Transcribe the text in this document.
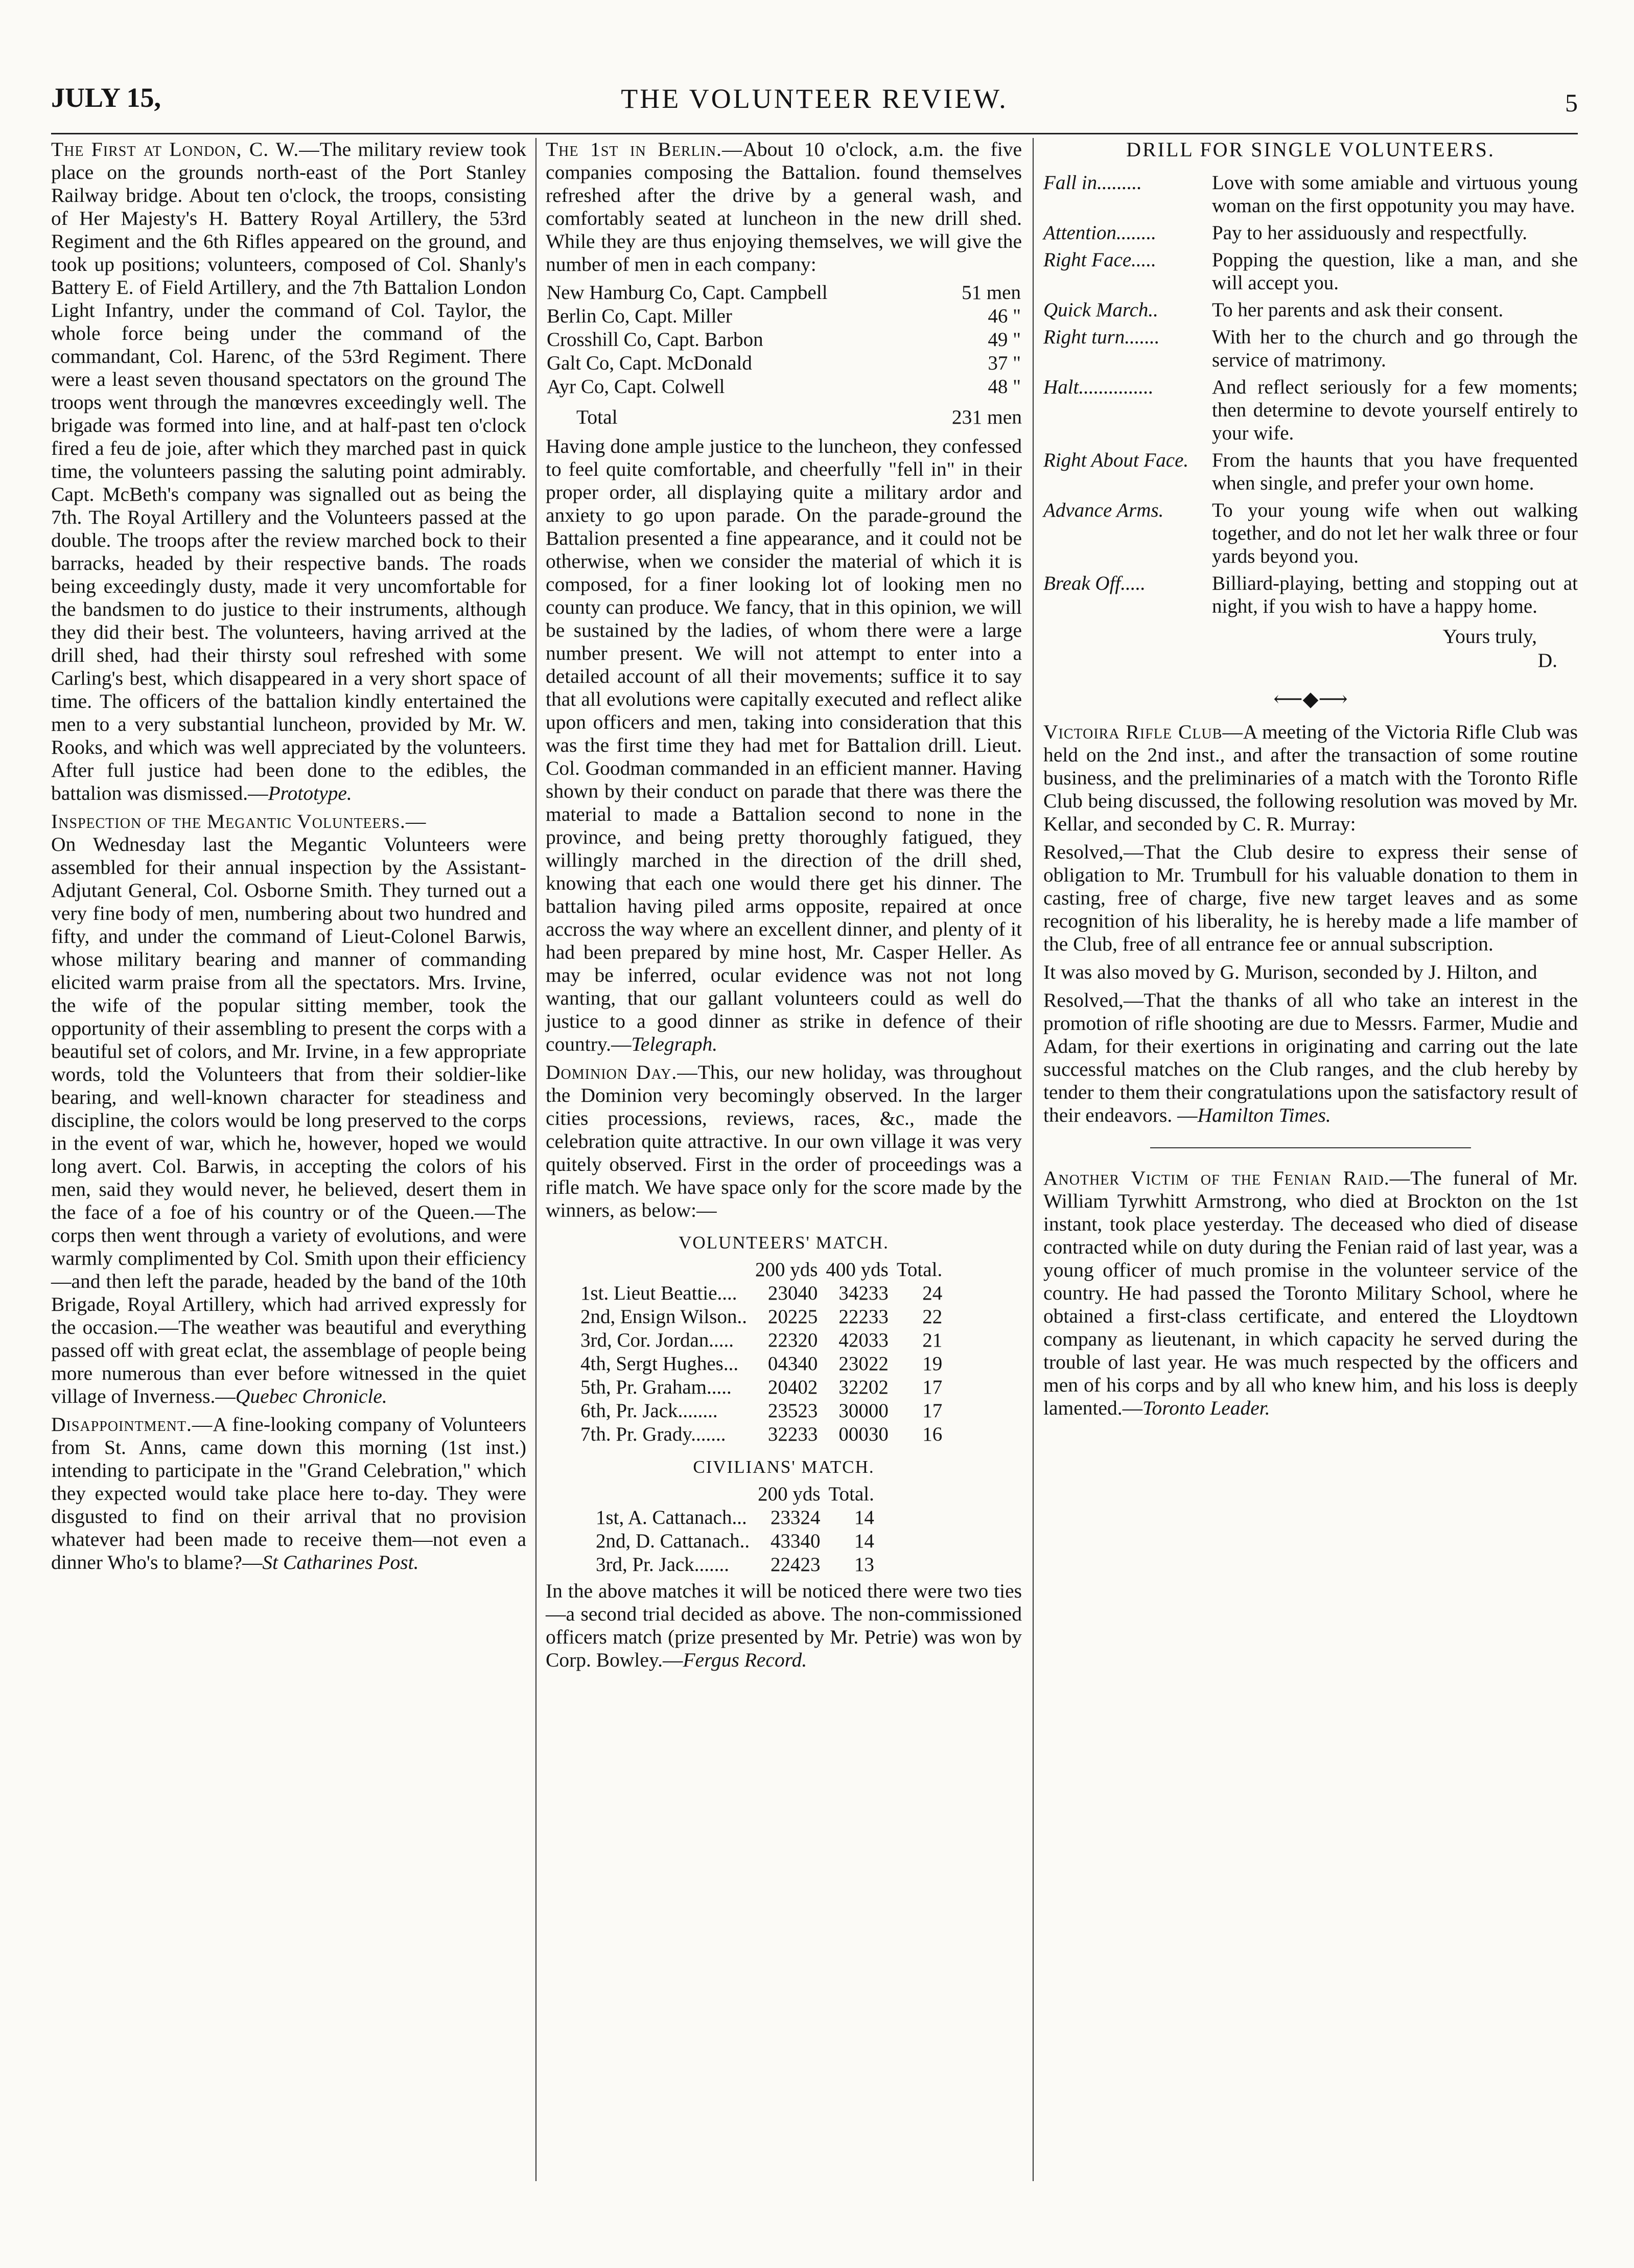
JULY 15,	THE VOLUNTEER REVIEW.	5

The First at London, C. W.—The military review took place on the grounds north-east of the Port Stanley Railway bridge. About ten o'clock, the troops, consisting of Her Majesty's H. Battery Royal Artillery, the 53rd Regiment and the 6th Rifles appeared on the ground, and took up positions; volunteers, composed of Col. Shanly's Battery E. of Field Artillery, and the 7th Battalion London Light Infantry, under the command of Col. Taylor, the whole force being under the command of the commandant, Col. Harenc, of the 53rd Regiment. There were a least seven thousand spectators on the ground The troops went through the manœvres exceedingly well. The brigade was formed into line, and at half-past ten o'clock fired a feu de joie, after which they marched past in quick time, the volunteers passing the saluting point admirably. Capt. McBeth's company was signalled out as being the 7th. The Royal Artillery and the Volunteers passed at the double. The troops after the review marched bock to their barracks, headed by their respective bands. The roads being exceedingly dusty, made it very uncomfortable for the bandsmen to do justice to their instruments, although they did their best. The volunteers, having arrived at the drill shed, had their thirsty soul refreshed with some Carling's best, which disappeared in a very short space of time. The officers of the battalion kindly entertained the men to a very substantial luncheon, provided by Mr. W. Rooks, and which was well appreciated by the volunteers. After full justice had been done to the edibles, the battalion was dismissed.—Prototype.

Inspection of the Megantic Volunteers.—
On Wednesday last the Megantic Volunteers were assembled for their annual inspection by the Assistant-Adjutant General, Col. Osborne Smith. They turned out a very fine body of men, numbering about two hundred and fifty, and under the command of Lieut-Colonel Barwis, whose military bearing and manner of commanding elicited warm praise from all the spectators. Mrs. Irvine, the wife of the popular sitting member, took the opportunity of their assembling to present the corps with a beautiful set of colors, and Mr. Irvine, in a few appropriate words, told the Volunteers that from their soldier-like bearing, and well-known character for steadiness and discipline, the colors would be long preserved to the corps in the event of war, which he, however, hoped we would long avert. Col. Barwis, in accepting the colors of his men, said they would never, he believed, desert them in the face of a foe of his country or of the Queen.—The corps then went through a variety of evolutions, and were warmly complimented by Col. Smith upon their efficiency—and then left the parade, headed by the band of the 10th Brigade, Royal Artillery, which had arrived expressly for the occasion.—The weather was beautiful and everything passed off with great eclat, the assemblage of people being more numerous than ever before witnessed in the quiet village of Inverness.—Quebec Chronicle.

Disappointment.—A fine-looking company of Volunteers from St. Anns, came down this morning (1st inst.) intending to participate in the "Grand Celebration," which they expected would take place here to-day. They were disgusted to find on their arrival that no provision whatever had been made to receive them—not even a dinner Who's to blame?—St Catharines Post.

The 1st in Berlin.—About 10 o'clock, a.m. the five companies composing the Battalion. found themselves refreshed after the drive by a general wash, and comfortably seated at luncheon in the new drill shed. While they are thus enjoying themselves, we will give the number of men in each company:

New Hamburg Co, Capt. Campbell	51 men
Berlin Co, Capt. Miller	46 "
Crosshill Co, Capt. Barbon	49 "
Galt Co, Capt. McDonald	37 "
Ayr Co, Capt. Colwell	48 "
Total	231 men

Having done ample justice to the luncheon, they confessed to feel quite comfortable, and cheerfully "fell in" in their proper order, all displaying quite a military ardor and anxiety to go upon parade. On the parade-ground the Battalion presented a fine appearance, and it could not be otherwise, when we consider the material of which it is composed, for a finer looking lot of looking men no county can produce. We fancy, that in this opinion, we will be sustained by the ladies, of whom there were a large number present. We will not attempt to enter into a detailed account of all their movements; suffice it to say that all evolutions were capitally executed and reflect alike upon officers and men, taking into consideration that this was the first time they had met for Battalion drill. Lieut. Col. Goodman commanded in an efficient manner. Having shown by their conduct on parade that there was there the material to made a Battalion second to none in the province, and being pretty thoroughly fatigued, they willingly marched in the direction of the drill shed, knowing that each one would there get his dinner. The battalion having piled arms opposite, repaired at once accross the way where an excellent dinner, and plenty of it had been prepared by mine host, Mr. Casper Heller. As may be inferred, ocular evidence was not not long wanting, that our gallant volunteers could as well do justice to a good dinner as strike in defence of their country.—Telegraph.

Dominion Day.—This, our new holiday, was throughout the Dominion very becomingly observed. In the larger cities processions, reviews, races, &c., made the celebration quite attractive. In our own village it was very quitely observed. First in the order of proceedings was a rifle match. We have space only for the score made by the winners, as below:—

VOLUNTEERS' MATCH.
	200 yds	400 yds	Total.
1st. Lieut Beattie....	23040	34233	24
2nd, Ensign Wilson..	20225	22233	22
3rd, Cor. Jordan.....	22320	42033	21
4th, Sergt Hughes...	04340	23022	19
5th, Pr. Graham.....	20402	32202	17
6th, Pr. Jack........	23523	30000	17
7th. Pr. Grady.......	32233	00030	16
CIVILIANS' MATCH.
	200 yds	Total.
1st, A. Cattanach...	23324	14
2nd, D. Cattanach..	43340	14
3rd, Pr. Jack.......	22423	13

In the above matches it will be noticed there were two ties—a second trial decided as above. The non-commissioned officers match (prize presented by Mr. Petrie) was won by Corp. Bowley.—Fergus Record.

DRILL FOR SINGLE VOLUNTEERS.
Fall in.........	Love with some amiable and virtuous young woman on the first oppotunity you may have.
Attention........	Pay to her assiduously and respectfully.
Right Face.....	Popping the question, like a man, and she will accept you.
Quick March..	To her parents and ask their consent.
Right turn.......	With her to the church and go through the service of matrimony.
Halt...............	And reflect seriously for a few moments; then determine to devote yourself entirely to your wife.
Right About Face.	From the haunts that you have frequented when single, and prefer your own home.
Advance Arms.	To your young wife when out walking together, and do not let her walk three or four yards beyond you.
Break Off.....	Billiard-playing, betting and stopping out at night, if you wish to have a happy home.
Yours truly,
D.
⟵◆⟶

Victoira Rifle Club—A meeting of the Victoria Rifle Club was held on the 2nd inst., and after the transaction of some routine business, and the preliminaries of a match with the Toronto Rifle Club being discussed, the following resolution was moved by Mr. Kellar, and seconded by C. R. Murray:

Resolved,—That the Club desire to express their sense of obligation to Mr. Trumbull for his valuable donation to them in casting, free of charge, five new target leaves and as some recognition of his liberality, he is hereby made a life mamber of the Club, free of all entrance fee or annual subscription.

It was also moved by G. Murison, seconded by J. Hilton, and

Resolved,—That the thanks of all who take an interest in the promotion of rifle shooting are due to Messrs. Farmer, Mudie and Adam, for their exertions in originating and carring out the late successful matches on the Club ranges, and the club hereby by tender to them their congratulations upon the satisfactory result of their endeavors. —Hamilton Times.

Another Victim of the Fenian Raid.—The funeral of Mr. William Tyrwhitt Armstrong, who died at Brockton on the 1st instant, took place yesterday. The deceased who died of disease contracted while on duty during the Fenian raid of last year, was a young officer of much promise in the volunteer service of the country. He had passed the Toronto Military School, where he obtained a first-class certificate, and entered the Lloydtown company as lieutenant, in which capacity he served during the trouble of last year. He was much respected by the officers and men of his corps and by all who knew him, and his loss is deeply lamented.—Toronto Leader.
